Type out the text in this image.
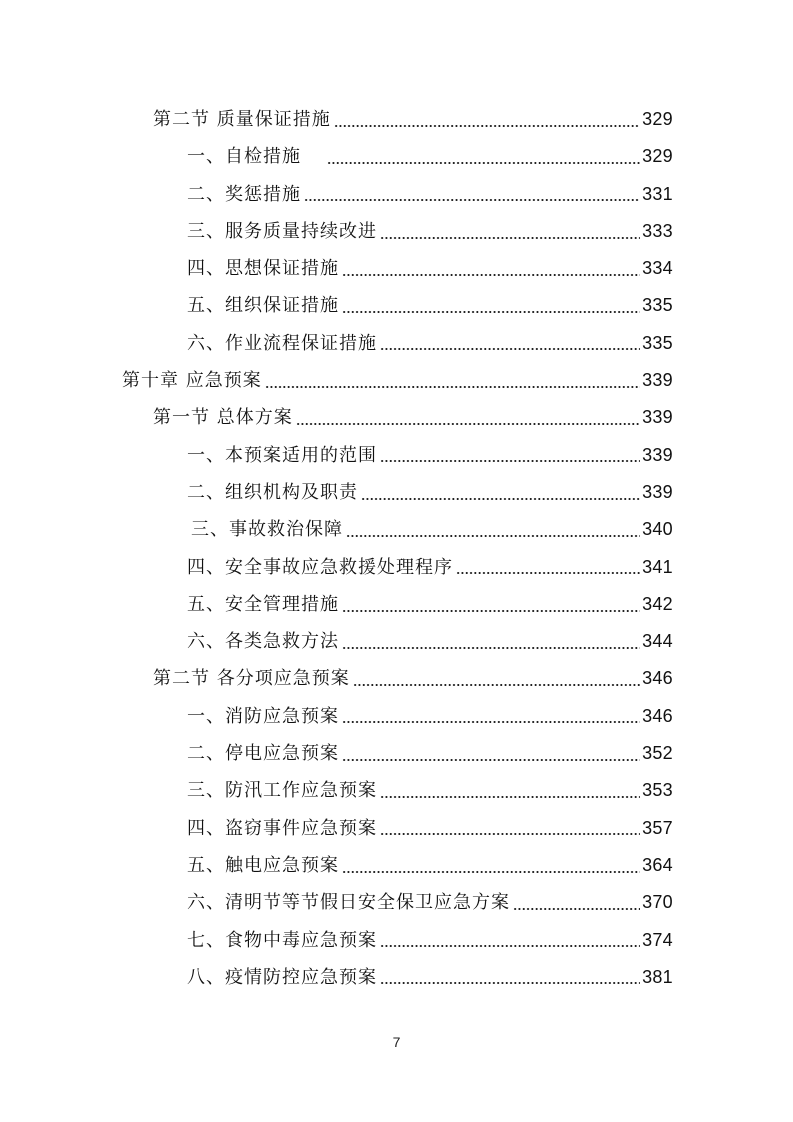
第二节 质量保证措施	329
一、自检措施	329
二、奖惩措施	331
三、服务质量持续改进	333
四、思想保证措施	334
五、组织保证措施	335
六、作业流程保证措施	335
第十章 应急预案	339
第一节 总体方案	339
一、本预案适用的范围	339
二、组织机构及职责	339
三、事故救治保障	340
四、安全事故应急救援处理程序	341
五、安全管理措施	342
六、各类急救方法	344
第二节 各分项应急预案	346
一、消防应急预案	346
二、停电应急预案	352
三、防汛工作应急预案	353
四、盗窃事件应急预案	357
五、触电应急预案	364
六、清明节等节假日安全保卫应急方案	370
七、食物中毒应急预案	374
八、疫情防控应急预案	381
7
